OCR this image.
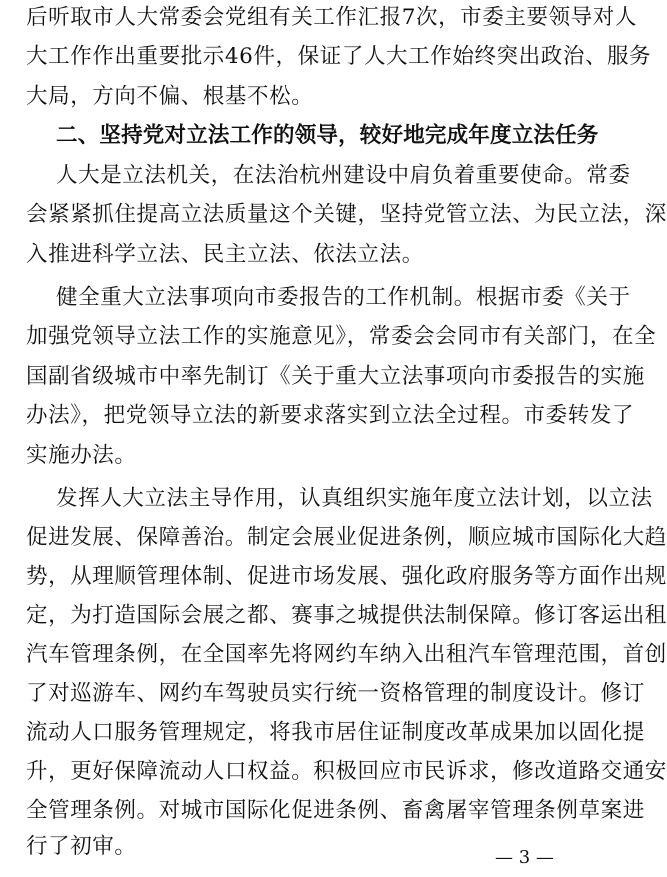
后听取市人大常委会党组有关工作汇报7次，市委主要领导对人
大工作作出重要批示46件，保证了人大工作始终突出政治、服务
大局，方向不偏、根基不松。
二、坚持党对立法工作的领导，较好地完成年度立法任务
人大是立法机关，在法治杭州建设中肩负着重要使命。常委
会紧紧抓住提高立法质量这个关键，坚持党管立法、为民立法，深
入推进科学立法、民主立法、依法立法。
健全重大立法事项向市委报告的工作机制。根据市委《关于
加强党领导立法工作的实施意见》，常委会会同市有关部门，在全
国副省级城市中率先制订《关于重大立法事项向市委报告的实施
办法》，把党领导立法的新要求落实到立法全过程。市委转发了
实施办法。
发挥人大立法主导作用，认真组织实施年度立法计划，以立法
促进发展、保障善治。制定会展业促进条例，顺应城市国际化大趋
势，从理顺管理体制、促进市场发展、强化政府服务等方面作出规
定，为打造国际会展之都、赛事之城提供法制保障。修订客运出租
汽车管理条例，在全国率先将网约车纳入出租汽车管理范围，首创
了对巡游车、网约车驾驶员实行统一资格管理的制度设计。修订
流动人口服务管理规定，将我市居住证制度改革成果加以固化提
升，更好保障流动人口权益。积极回应市民诉求，修改道路交通安
全管理条例。对城市国际化促进条例、畜禽屠宰管理条例草案进
行了初审。	— 3 —
